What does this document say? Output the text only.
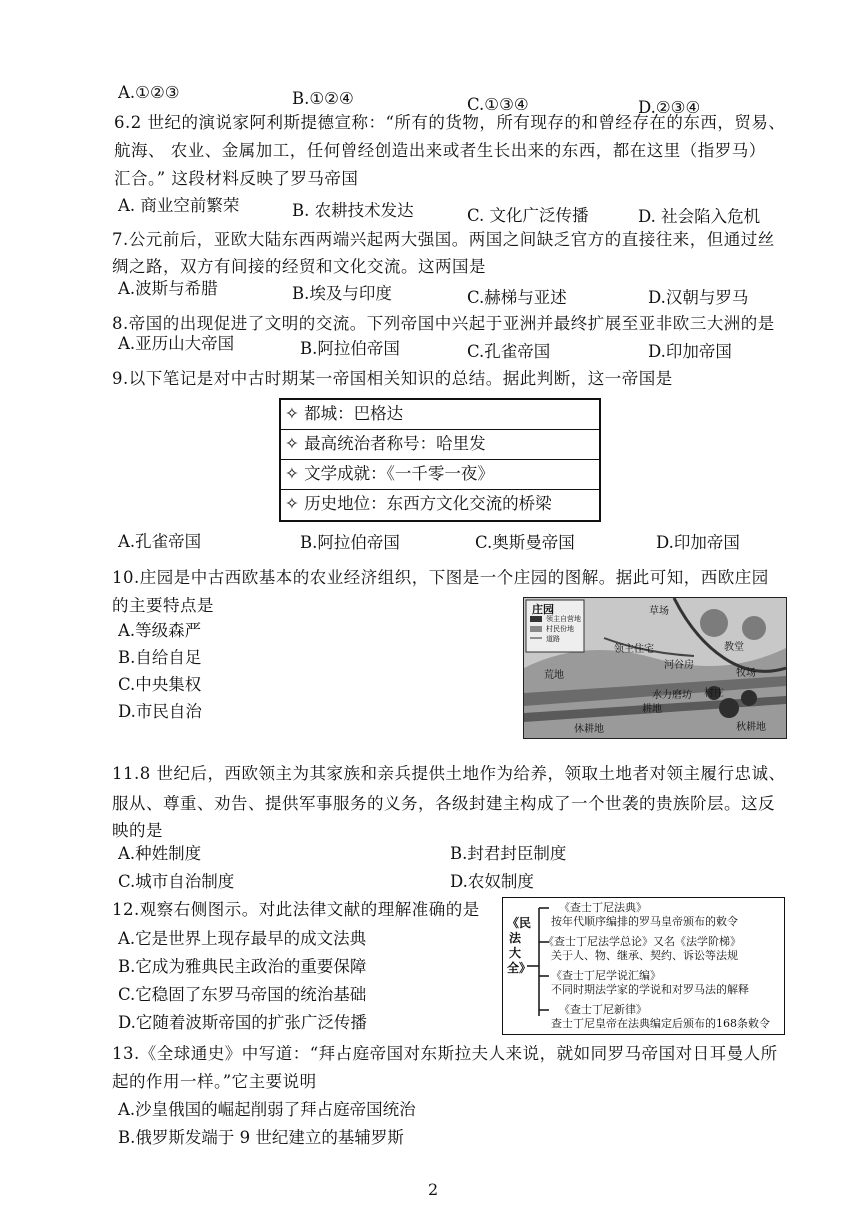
A.①②③	B.①②④	C.①③④	D.②③④
6.2 世纪的演说家阿利斯提德宣称：“所有的货物，所有现存的和曾经存在的东西，贸易、
航海、 农业、金属加工，任何曾经创造出来或者生长出来的东西，都在这里（指罗马）
汇合。” 这段材料反映了罗马帝国
A. 商业空前繁荣	B. 农耕技术发达	C. 文化广泛传播	D. 社会陷入危机
7.公元前后，亚欧大陆东西两端兴起两大强国。两国之间缺乏官方的直接往来，但通过丝
绸之路，双方有间接的经贸和文化交流。这两国是
A.波斯与希腊	B.埃及与印度	C.赫梯与亚述	D.汉朝与罗马
8.帝国的出现促进了文明的交流。下列帝国中兴起于亚洲并最终扩展至亚非欧三大洲的是
A.亚历山大帝国	B.阿拉伯帝国	C.孔雀帝国	D.印加帝国
9.以下笔记是对中古时期某一帝国相关知识的总结。据此判断，这一帝国是
✧ 都城：巴格达
✧ 最高统治者称号：哈里发
✧ 文学成就：《一千零一夜》
✧ 历史地位：东西方文化交流的桥梁
A.孔雀帝国	B.阿拉伯帝国	C.奥斯曼帝国	D.印加帝国
10.庄园是中古西欧基本的农业经济组织，下图是一个庄园的图解。据此可知，西欧庄园
的主要特点是
A.等级森严
B.自给自足
C.中央集权
D.市民自治
庄园
领主自营地
村民份地
道路
领主住宅
河谷房
草场
教堂
牧场
水力磨坊 村庄
耕地
休耕地
荒地
秋耕地
11.8 世纪后，西欧领主为其家族和亲兵提供土地作为给养，领取土地者对领主履行忠诚、
服从、尊重、劝告、提供军事服务的义务，各级封建主构成了一个世袭的贵族阶层。这反
映的是
A.种姓制度	B.封君封臣制度
C.城市自治制度	D.农奴制度
12.观察右侧图示。对此法律文献的理解准确的是
A.它是世界上现存最早的成文法典
B.它成为雅典民主政治的重要保障
C.它稳固了东罗马帝国的统治基础
D.它随着波斯帝国的扩张广泛传播
《民法大全》
《查士丁尼法典》
按年代顺序编排的罗马皇帝颁布的敕令
《查士丁尼法学总论》又名《法学阶梯》
关于人、物、继承、契约、诉讼等法规
《查士丁尼学说汇编》
不同时期法学家的学说和对罗马法的解释
《查士丁尼新律》
查士丁尼皇帝在法典编定后颁布的168条敕令
13.《全球通史》中写道：“拜占庭帝国对东斯拉夫人来说，就如同罗马帝国对日耳曼人所
起的作用一样。”它主要说明
A.沙皇俄国的崛起削弱了拜占庭帝国统治
B.俄罗斯发端于 9 世纪建立的基辅罗斯
2
